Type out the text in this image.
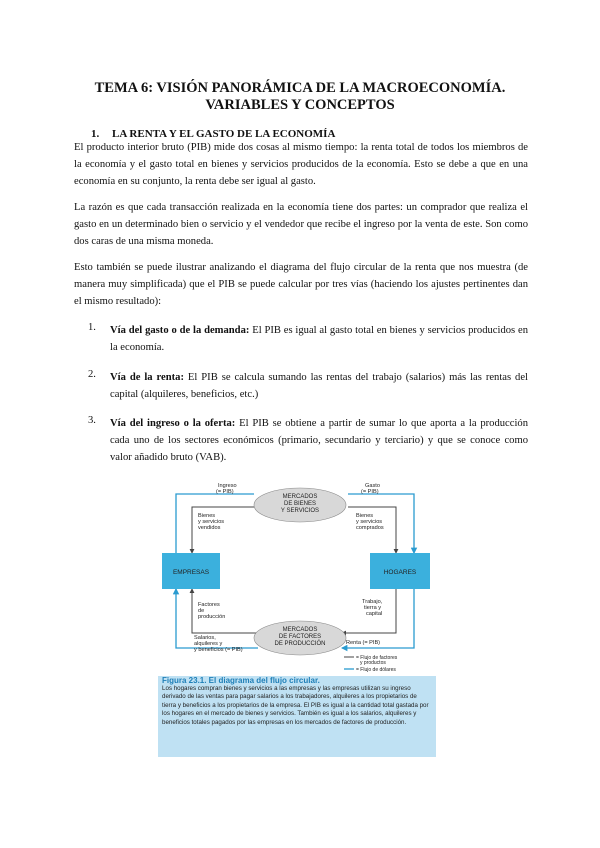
TEMA 6: VISIÓN PANORÁMICA DE LA MACROECONOMÍA.
VARIABLES Y CONCEPTOS
1. LA RENTA Y EL GASTO DE LA ECONOMÍA

El producto interior bruto (PIB) mide dos cosas al mismo tiempo: la renta total de todos los miembros de la economía y el gasto total en bienes y servicios producidos de la economía. Esto se debe a que en una economía en su conjunto, la renta debe ser igual al gasto.

La razón es que cada transacción realizada en la economía tiene dos partes: un comprador que realiza el gasto en un determinado bien o servicio y el vendedor que recibe el ingreso por la venta de este. Son como dos caras de una misma moneda.

Esto también se puede ilustrar analizando el diagrama del flujo circular de la renta que nos muestra (de manera muy simplificada) que el PIB se puede calcular por tres vías (haciendo los ajustes pertinentes dan el mismo resultado):

1. Vía del gasto o de la demanda: El PIB es igual al gasto total en bienes y servicios producidos en la economía.

2. Vía de la renta: El PIB se calcula sumando las rentas del trabajo (salarios) más las rentas del capital (alquileres, beneficios, etc.)

3. Vía del ingreso o la oferta: El PIB se obtiene a partir de sumar lo que aporta a la producción cada uno de los sectores económicos (primario, secundario y terciario) y que se conoce como valor añadido bruto (VAB).

MERCADOS
DE BIENES
Y SERVICIOS
MERCADOS
DE FACTORES
DE PRODUCCIÓN
EMPRESAS	HOGARES
Ingreso
(= PIB)
Gasto
(= PIB)
Bienes
y servicios
vendidos
Bienes
y servicios
comprados
Factores
de
producción
Trabajo,
tierra y
capital
Salarios,
alquileres y
y beneficios (= PIB)
Renta (= PIB)
= Flujo de factores
y productos
= Flujo de dólares
Figura 23.1. El diagrama del flujo circular.

Los hogares compran bienes y servicios a las empresas y las empresas utilizan su ingreso derivado de las ventas para pagar salarios a los trabajadores, alquileres a los propietarios de tierra y beneficios a los propietarios de la empresa. El PIB es igual a la cantidad total gastada por los hogares en el mercado de bienes y servicios. También es igual a los salarios, alquileres y beneficios totales pagados por las empresas en los mercados de factores de producción.
